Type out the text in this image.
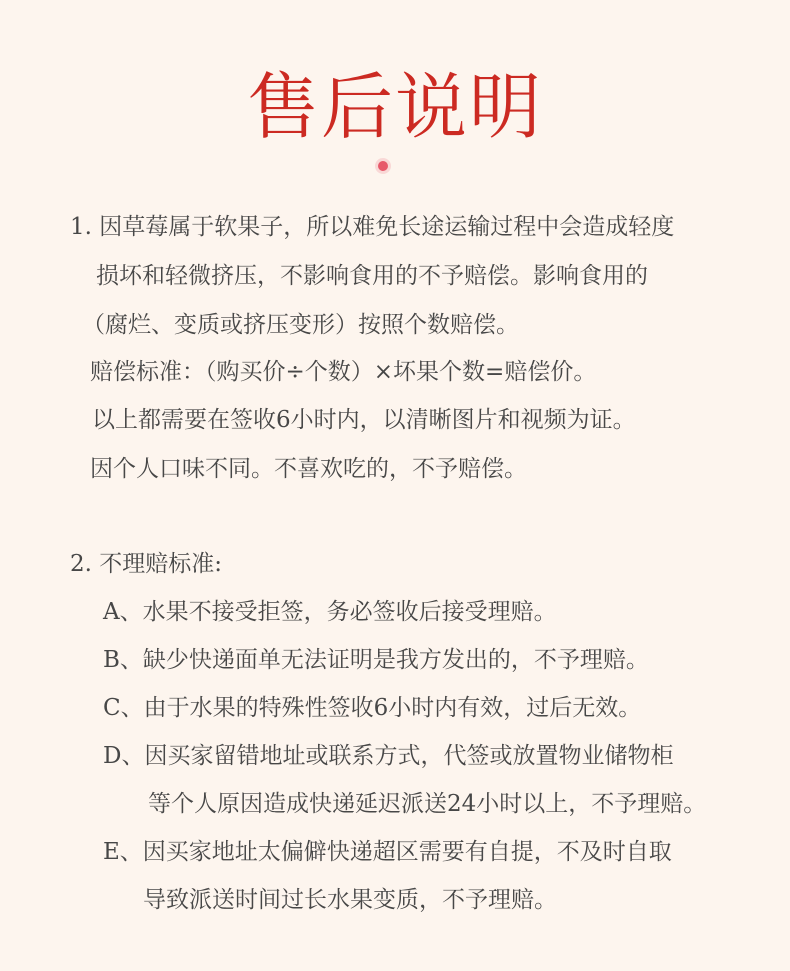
售后说明
1. 因草莓属于软果子，所以难免长途运输过程中会造成轻度
损坏和轻微挤压，不影响食用的不予赔偿。影响食用的
（腐烂、变质或挤压变形）按照个数赔偿。
赔偿标准：（购买价÷个数）×坏果个数=赔偿价。
以上都需要在签收6小时内，以清晰图片和视频为证。
因个人口味不同。不喜欢吃的，不予赔偿。
2. 不理赔标准:
A、水果不接受拒签，务必签收后接受理赔。
B、缺少快递面单无法证明是我方发出的，不予理赔。
C、由于水果的特殊性签收6小时内有效，过后无效。
D、因买家留错地址或联系方式，代签或放置物业储物柜
等个人原因造成快递延迟派送24小时以上，不予理赔。
E、因买家地址太偏僻快递超区需要有自提，不及时自取
导致派送时间过长水果变质，不予理赔。
